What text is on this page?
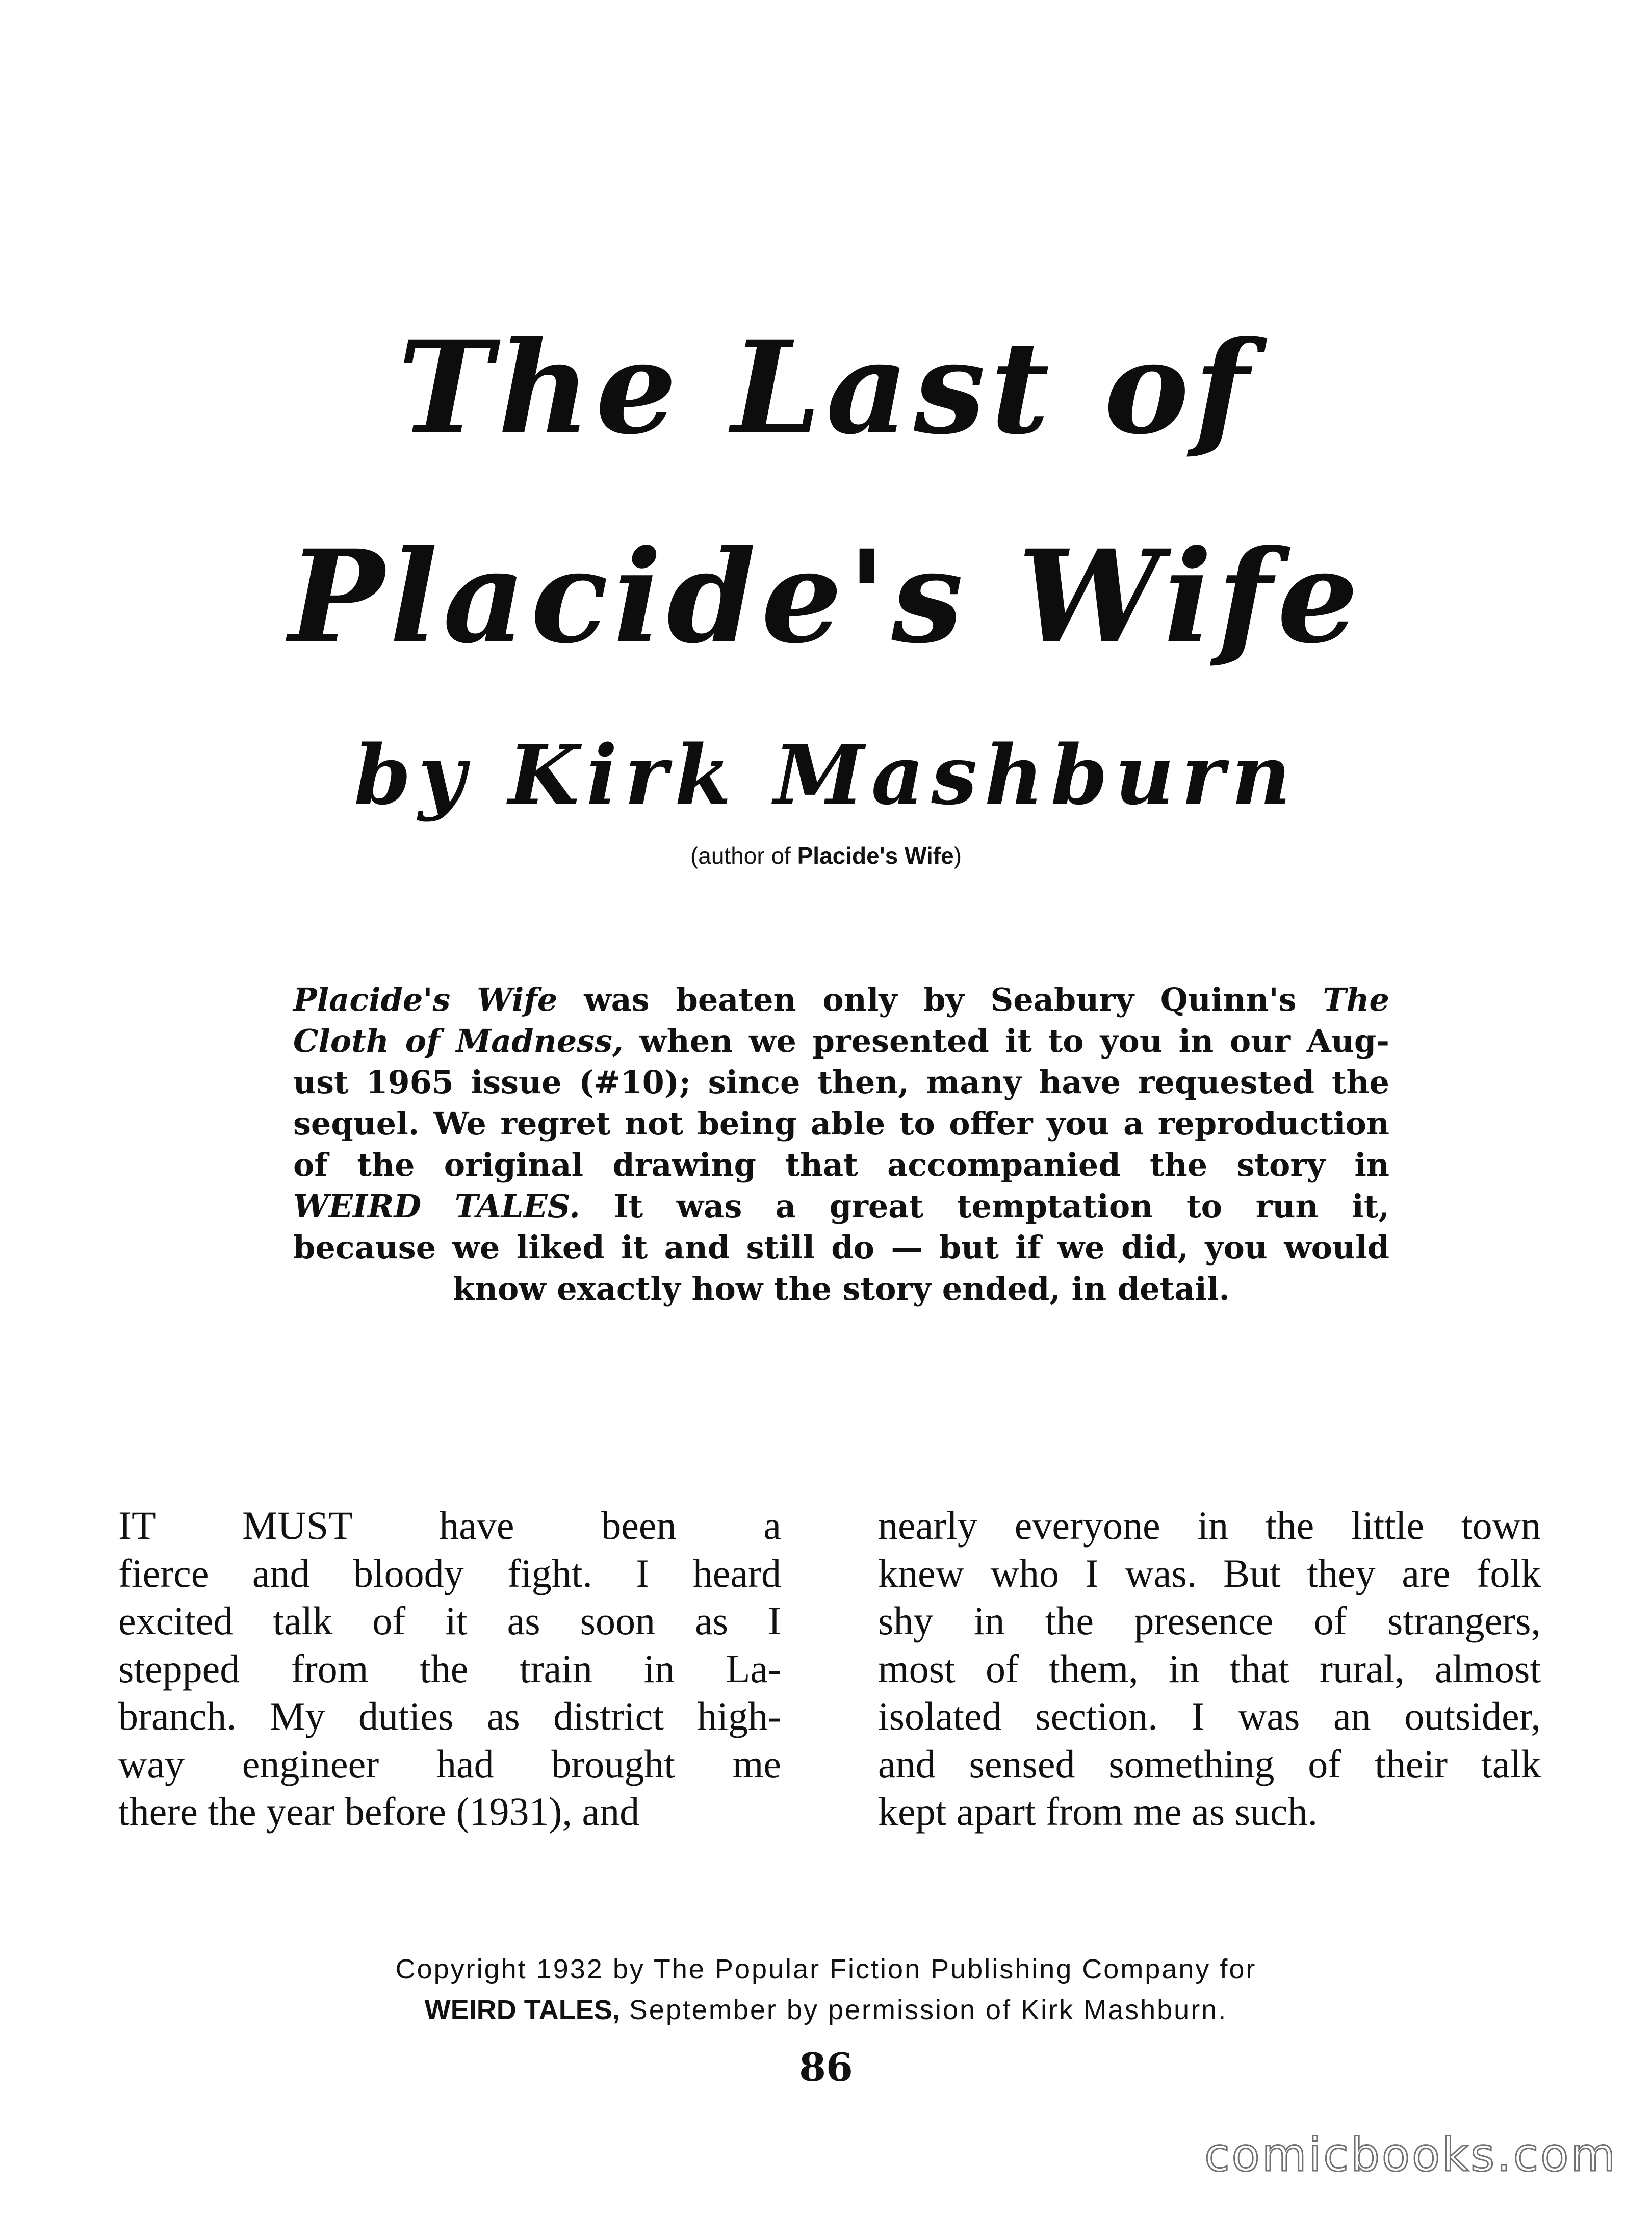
The Last of
Placide's Wife
by Kirk Mashburn
(author of Placide's Wife)
Placide's Wife was beaten only by Seabury Quinn's The
Cloth of Madness, when we presented it to you in our Aug-
ust 1965 issue (#10); since then, many have requested the
sequel. We regret not being able to offer you a reproduction
of the original drawing that accompanied the story in
WEIRD TALES. It was a great temptation to run it,
because we liked it and still do — but if we did, you would
know exactly how the story ended, in detail.
IT MUST have been a
fierce and bloody fight. I heard
excited talk of it as soon as I
stepped from the train in La-
branch. My duties as district high-
way engineer had brought me
there the year before (1931), and
nearly everyone in the little town
knew who I was. But they are folk
shy in the presence of strangers,
most of them, in that rural, almost
isolated section. I was an outsider,
and sensed something of their talk
kept apart from me as such.
Copyright 1932 by The Popular Fiction Publishing Company for
WEIRD TALES, September by permission of Kirk Mashburn.
86
comicbooks.com
